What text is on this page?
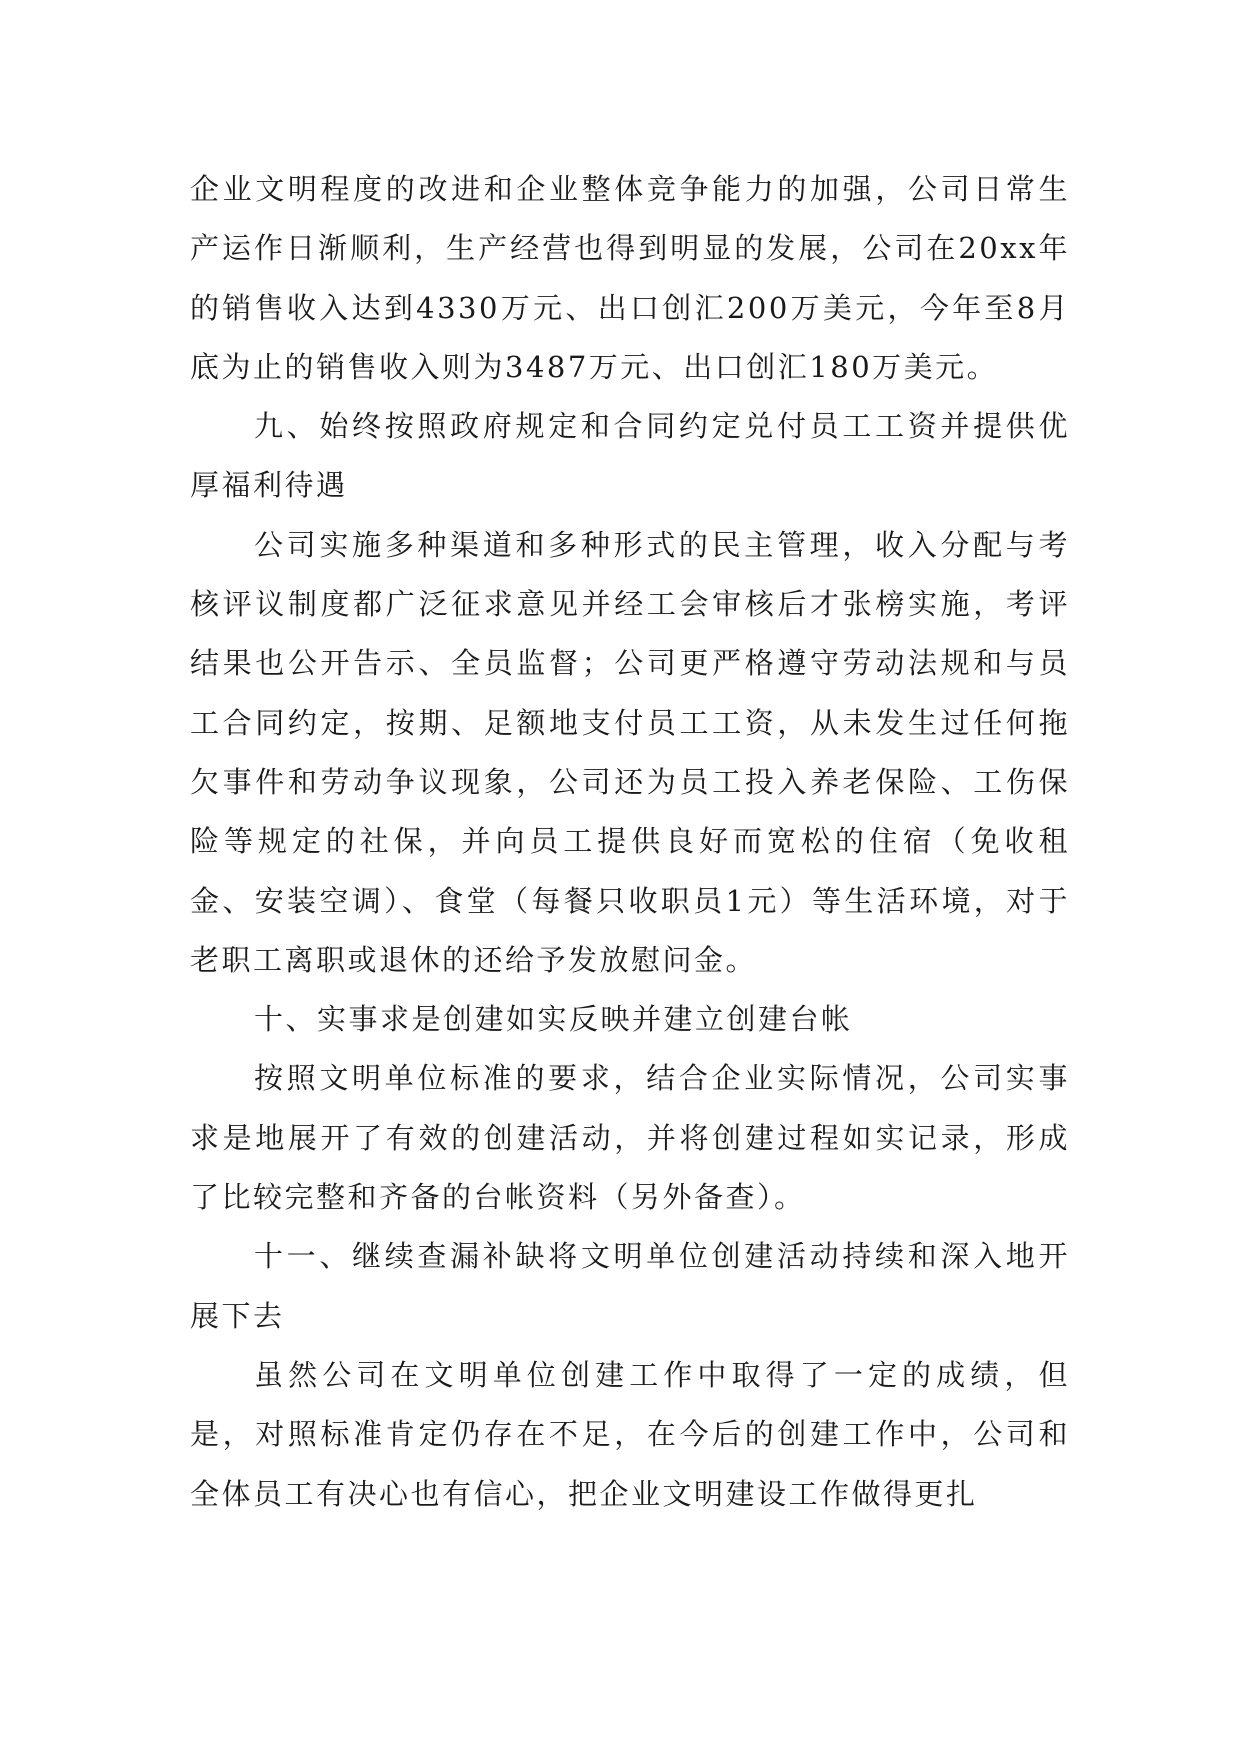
企业文明程度的改进和企业整体竞争能力的加强，公司日常生产运作日渐顺利，生产经营也得到明显的发展，公司在20xx年的销售收入达到4330万元、出口创汇200万美元，今年至8月底为止的销售收入则为3487万元、出口创汇180万美元。

九、始终按照政府规定和合同约定兑付员工工资并提供优厚福利待遇

公司实施多种渠道和多种形式的民主管理，收入分配与考核评议制度都广泛征求意见并经工会审核后才张榜实施，考评结果也公开告示、全员监督；公司更严格遵守劳动法规和与员工合同约定，按期、足额地支付员工工资，从未发生过任何拖欠事件和劳动争议现象，公司还为员工投入养老保险、工伤保险等规定的社保，并向员工提供良好而宽松的住宿（免收租金、安装空调）、食堂（每餐只收职员1元）等生活环境，对于老职工离职或退休的还给予发放慰问金。

十、实事求是创建如实反映并建立创建台帐

按照文明单位标准的要求，结合企业实际情况，公司实事求是地展开了有效的创建活动，并将创建过程如实记录，形成了比较完整和齐备的台帐资料（另外备查）。

十一、继续查漏补缺将文明单位创建活动持续和深入地开展下去

虽然公司在文明单位创建工作中取得了一定的成绩，但是，对照标准肯定仍存在不足，在今后的创建工作中，公司和全体员工有决心也有信心，把企业文明建设工作做得更扎
